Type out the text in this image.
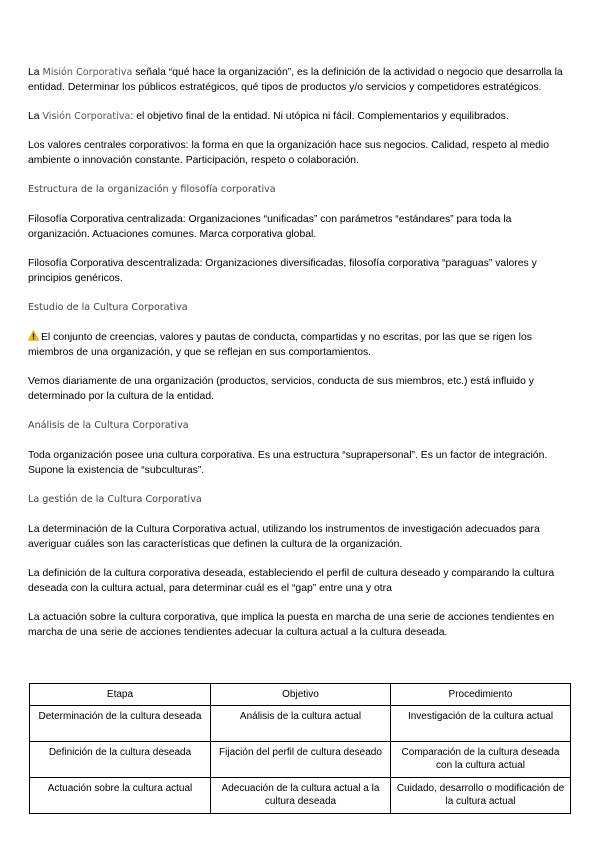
La Misión Corporativa señala “qué hace la organización”, es la definición de la actividad o negocio que desarrolla la entidad. Determinar los públicos estratégicos, qué tipos de productos y/o servicios y competidores estratégicos.

La Visión Corporativa: el objetivo final de la entidad. Ni utópica ni fácil. Complementarios y equilibrados.

Los valores centrales corporativos: la forma en que la organización hace sus negocios. Calidad, respeto al medio ambiente o innovación constante. Participación, respeto o colaboración.

Estructura de la organización y filosofía corporativa

Filosofía Corporativa centralizada: Organizaciones “unificadas” con parámetros “estándares” para toda la organización. Actuaciones comunes. Marca corporativa global.

Filosofía Corporativa descentralizada: Organizaciones diversificadas, filosofía corporativa “paraguas” valores y principios genéricos.

Estudio de la Cultura Corporativa

El conjunto de creencias, valores y pautas de conducta, compartidas y no escritas, por las que se rigen los miembros de una organización, y que se reflejan en sus comportamientos.

Vemos diariamente de una organización (productos, servicios, conducta de sus miembros, etc.) está influido y determinado por la cultura de la entidad.

Análisis de la Cultura Corporativa

Toda organización posee una cultura corporativa. Es una estructura “suprapersonal”. Es un factor de integración. Supone la existencia de “subculturas”.

La gestión de la Cultura Corporativa

La determinación de la Cultura Corporativa actual, utilizando los instrumentos de investigación adecuados para averiguar cuáles son las características que definen la cultura de la organización.

La definición de la cultura corporativa deseada, estableciendo el perfil de cultura deseado y comparando la cultura deseada con la cultura actual, para determinar cuál es el “gap” entre una y otra

La actuación sobre la cultura corporativa, que implica la puesta en marcha de una serie de acciones tendientes en marcha de una serie de acciones tendientes adecuar la cultura actual a la cultura deseada.

Etapa	Objetivo	Procedimiento
Determinación de la cultura deseada	Análisis de la cultura actual	Investigación de la cultura actual
Definición de la cultura deseada	Fijación del perfil de cultura deseado	Comparación de la cultura deseada con la cultura actual
Actuación sobre la cultura actual	Adecuación de la cultura actual a la cultura deseada	Cuidado, desarrollo o modificación de la cultura actual
